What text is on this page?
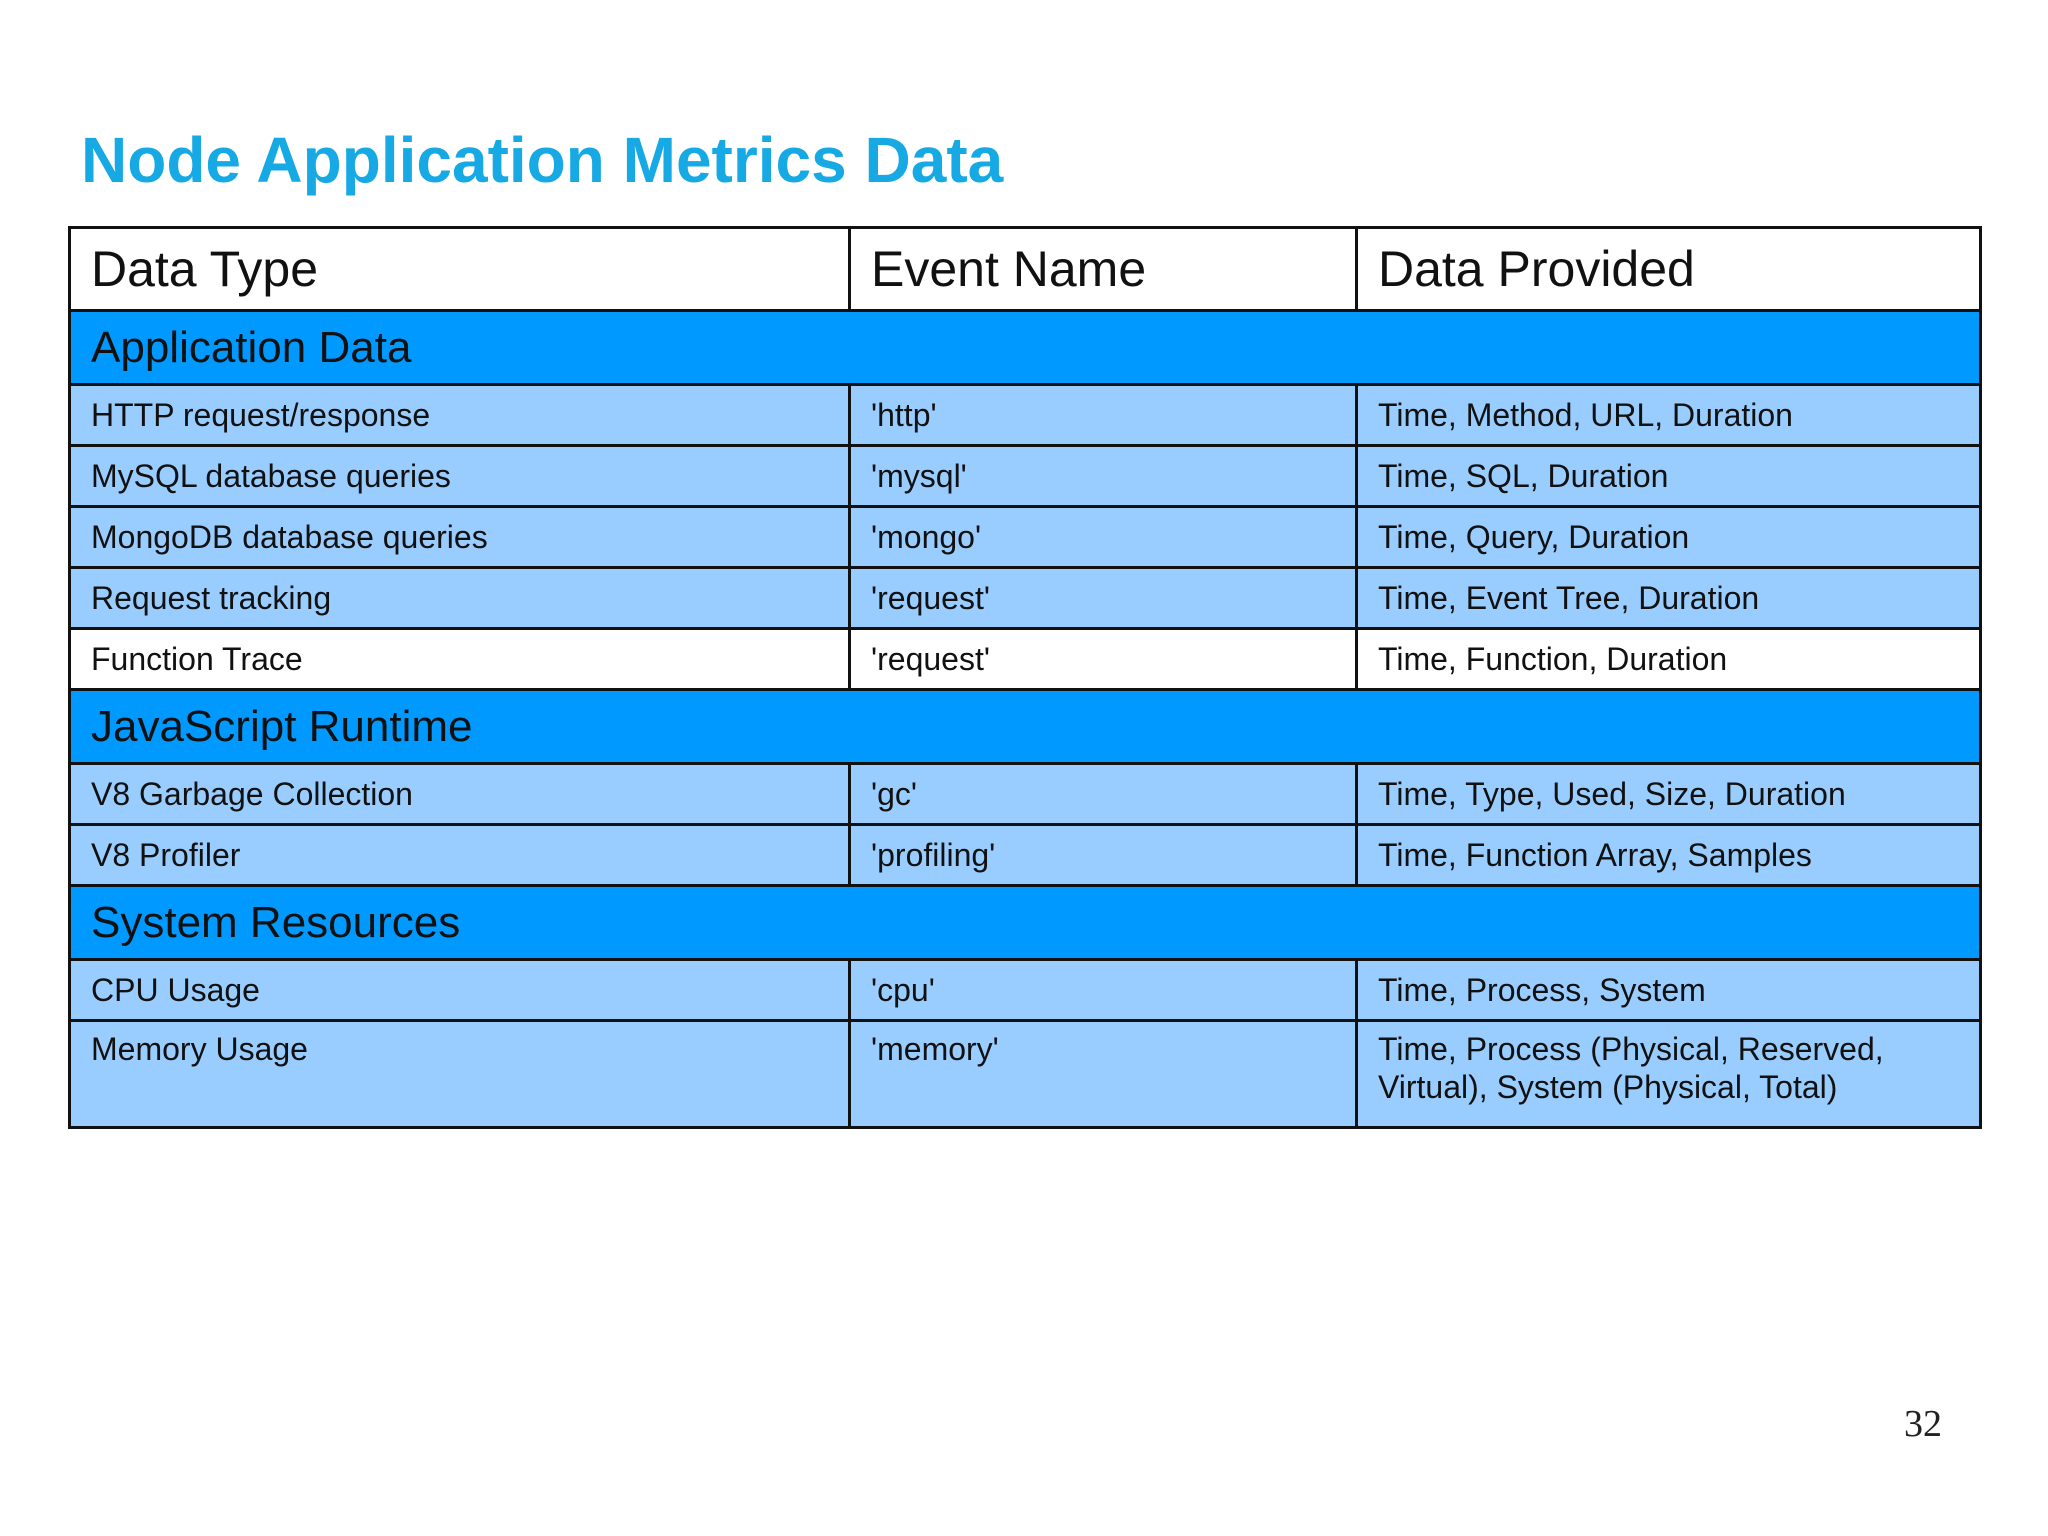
Node Application Metrics Data
Data Type	Event Name	Data Provided
Application Data		
HTTP request/response	'http'	Time, Method, URL, Duration
MySQL database queries	'mysql'	Time, SQL, Duration
MongoDB database queries	'mongo'	Time, Query, Duration
Request tracking	'request'	Time, Event Tree, Duration
Function Trace	'request'	Time, Function, Duration
JavaScript Runtime		
V8 Garbage Collection	'gc'	Time, Type, Used, Size, Duration
V8 Profiler	'profiling'	Time, Function Array, Samples
System Resources		
CPU Usage	'cpu'	Time, Process, System
Memory Usage	'memory'	Time, Process (Physical, Reserved, Virtual), System (Physical, Total)
32
